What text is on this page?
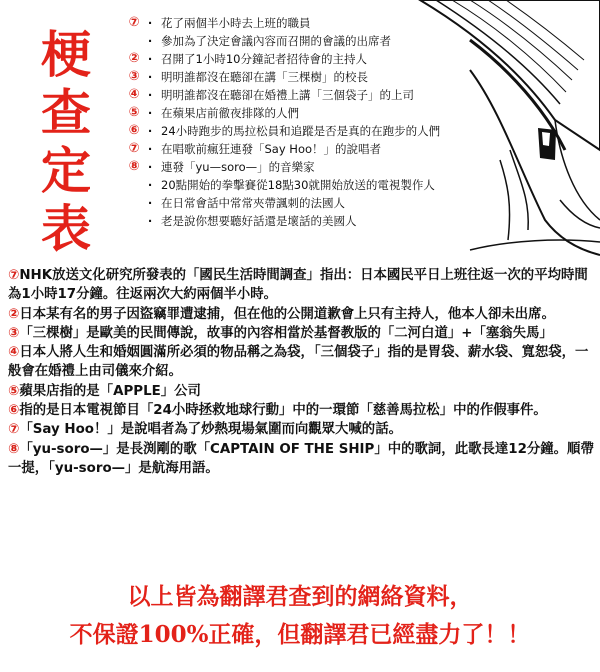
梗
查
定
表
⑦ · 花了兩個半小時去上班的職員
· 參加為了決定會議內容而召開的會議的出席者
② · 召開了1小時10分鐘記者招待會的主持人
③ · 明明誰都沒在聽卻在講「三棵樹」的校長
④ · 明明誰都沒在聽卻在婚禮上講「三個袋子」的上司
⑤ · 在蘋果店前徹夜排隊的人們
⑥ · 24小時跑步的馬拉松員和追蹤是否是真的在跑步的人們
⑦ · 在唱歌前瘋狂連發「Say Hoo！」的說唱者
⑧ · 連發「yu—soro—」的音樂家
· 20點開始的拳擊賽從18點30就開始放送的電視製作人
· 在日常會話中常常夾帶諷刺的法國人
· 老是說你想要聽好話還是壞話的美國人

⑦NHK放送文化研究所發表的「國民生活時間調查」指出：日本國民平日上班往返一次的平均時間為1小時17分鐘。往返兩次大約兩個半小時。

②日本某有名的男子因盜竊罪遭逮捕，但在他的公開道歉會上只有主持人，他本人卻未出席。

③「三棵樹」是歐美的民間傳說，故事的內容相當於基督教版的「二河白道」+「塞翁失馬」

④日本人將人生和婚姻圓滿所必須的物品稱之為袋，「三個袋子」指的是胃袋、薪水袋、寬恕袋，一般會在婚禮上由司儀來介紹。

⑤蘋果店指的是「APPLE」公司

⑥指的是日本電視節目「24小時拯救地球行動」中的一環節「慈善馬拉松」中的作假事件。

⑦「Say Hoo！」是說唱者為了炒熱現場氣圍而向觀眾大喊的話。

⑧「yu-soro—」是長渕剛的歌「CAPTAIN OF THE SHIP」中的歌詞，此歌長達12分鐘。順帶一提，「yu-soro—」是航海用語。

以上皆為翻譯君查到的網絡資料，
不保證100%正確，但翻譯君已經盡力了！！
